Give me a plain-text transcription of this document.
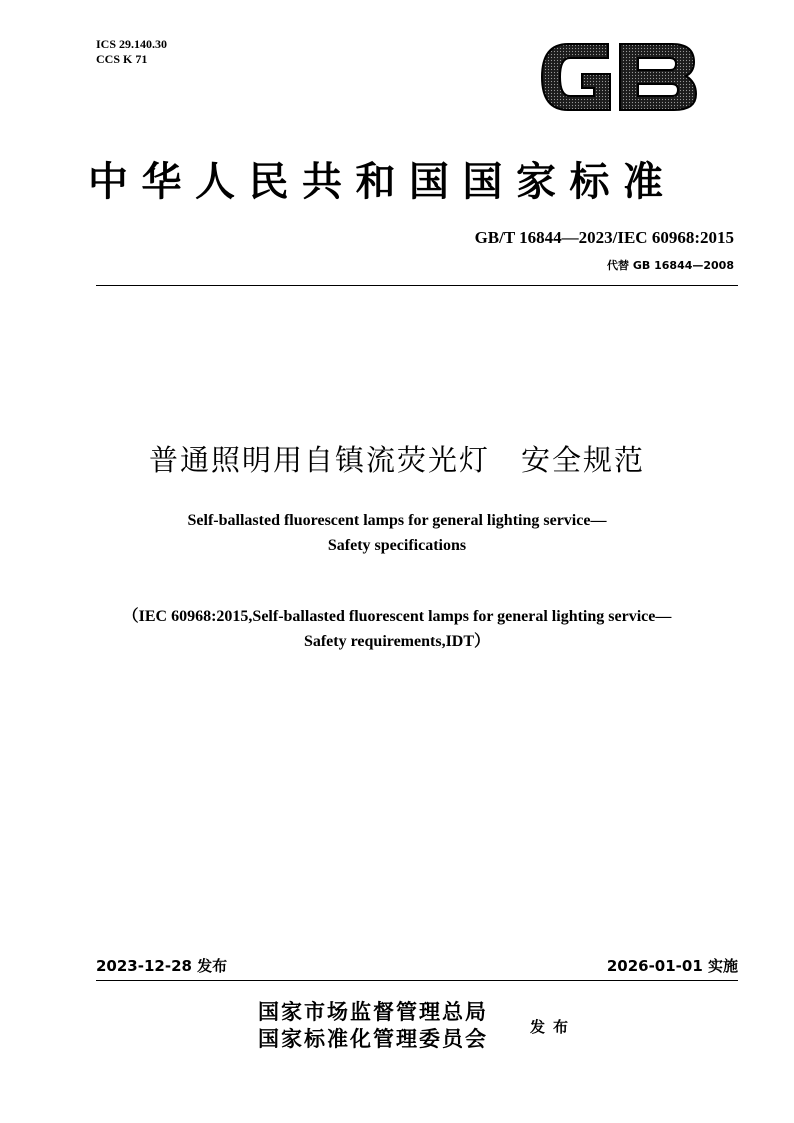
ICS 29.140.30
CCS K 71
中华人民共和国国家标准
GB/T 16844—2023/IEC 60968:2015
代替 GB 16844—2008
普通照明用自镇流荧光灯　安全规范
Self-ballasted fluorescent lamps for general lighting service—
Safety specifications
（IEC 60968:2015,Self-ballasted fluorescent lamps for general lighting service—
Safety requirements,IDT）
2023-12-28 发布	2026-01-01 实施
国家市场监督管理总局
国家标准化管理委员会	发布
